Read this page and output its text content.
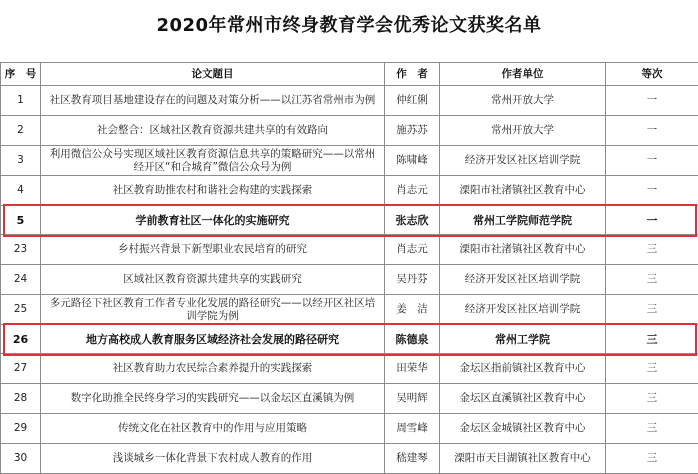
2020年常州市终身教育学会优秀论文获奖名单
序　号	论文题目	作　者	作者单位	等次
1	社区教育项目基地建设存在的问题及对策分析——以江苏省常州市为例	仲红俐	常州开放大学	一
2	社会整合：区域社区教育资源共建共享的有效路向	施苏苏	常州开放大学	一
3	利用微信公众号实现区域社区教育资源信息共享的策略研究——以常州经开区“和合城育”微信公众号为例	陈啸峰	经济开发区社区培训学院	一
4	社区教育助推农村和谐社会构建的实践探索	肖志元	溧阳市社渚镇社区教育中心	一
5	学前教育社区一体化的实施研究	张志欣	常州工学院师范学院	一
23	乡村振兴背景下新型职业农民培育的研究	肖志元	溧阳市社渚镇社区教育中心	三
24	区域社区教育资源共建共享的实践研究	吴丹芬	经济开发区社区培训学院	三
25	多元路径下社区教育工作者专业化发展的路径研究——以经开区社区培训学院为例	姜　洁	经济开发区社区培训学院	三
26	地方高校成人教育服务区域经济社会发展的路径研究	陈德泉	常州工学院	三
27	社区教育助力农民综合素养提升的实践探索	田荣华	金坛区指前镇社区教育中心	三
28	数字化助推全民终身学习的实践研究——以金坛区直溪镇为例	吴明辉	金坛区直溪镇社区教育中心	三
29	传统文化在社区教育中的作用与应用策略	周雪峰	金坛区金城镇社区教育中心	三
30	浅谈城乡一体化背景下农村成人教育的作用	嵇建琴	溧阳市天目湖镇社区教育中心	三
